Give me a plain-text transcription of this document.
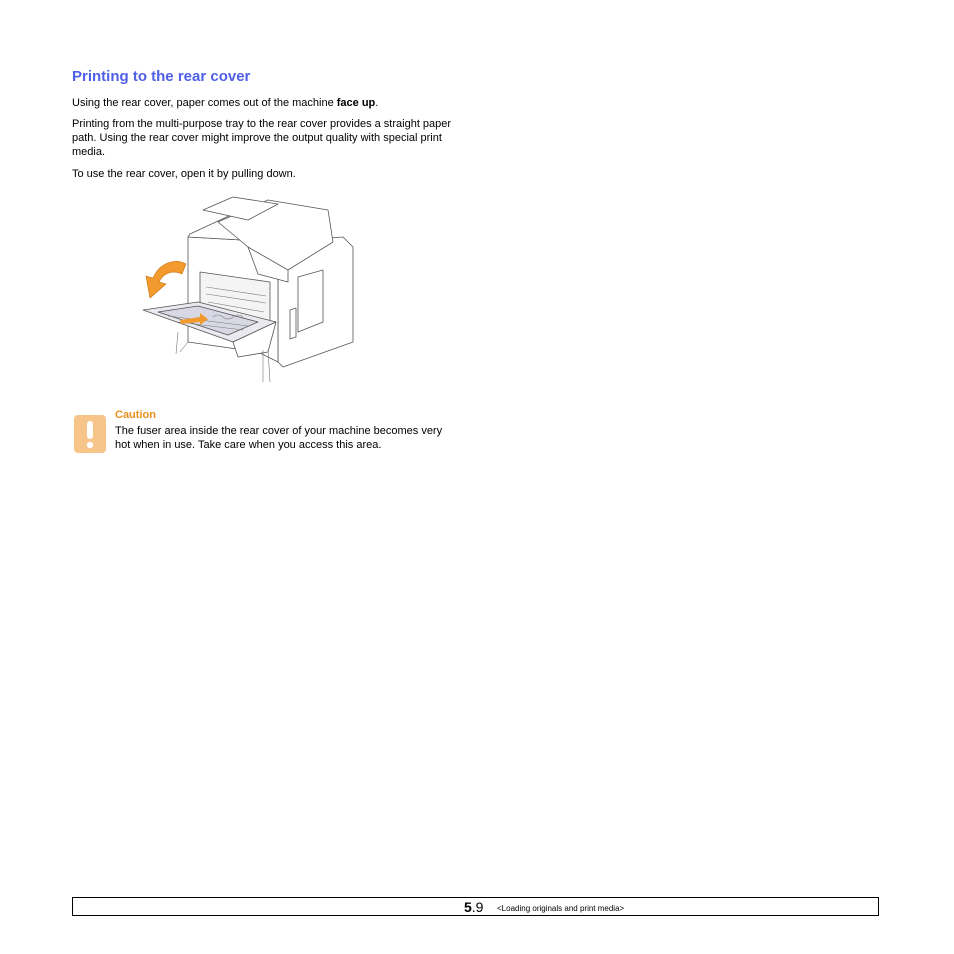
Printing to the rear cover

Using the rear cover, paper comes out of the machine face up.

Printing from the multi-purpose tray to the rear cover provides a straight paper path. Using the rear cover might improve the output quality with special print media.

To use the rear cover, open it by pulling down.

Caution

The fuser area inside the rear cover of your machine becomes very hot when in use. Take care when you access this area.

5.9 <Loading originals and print media>
